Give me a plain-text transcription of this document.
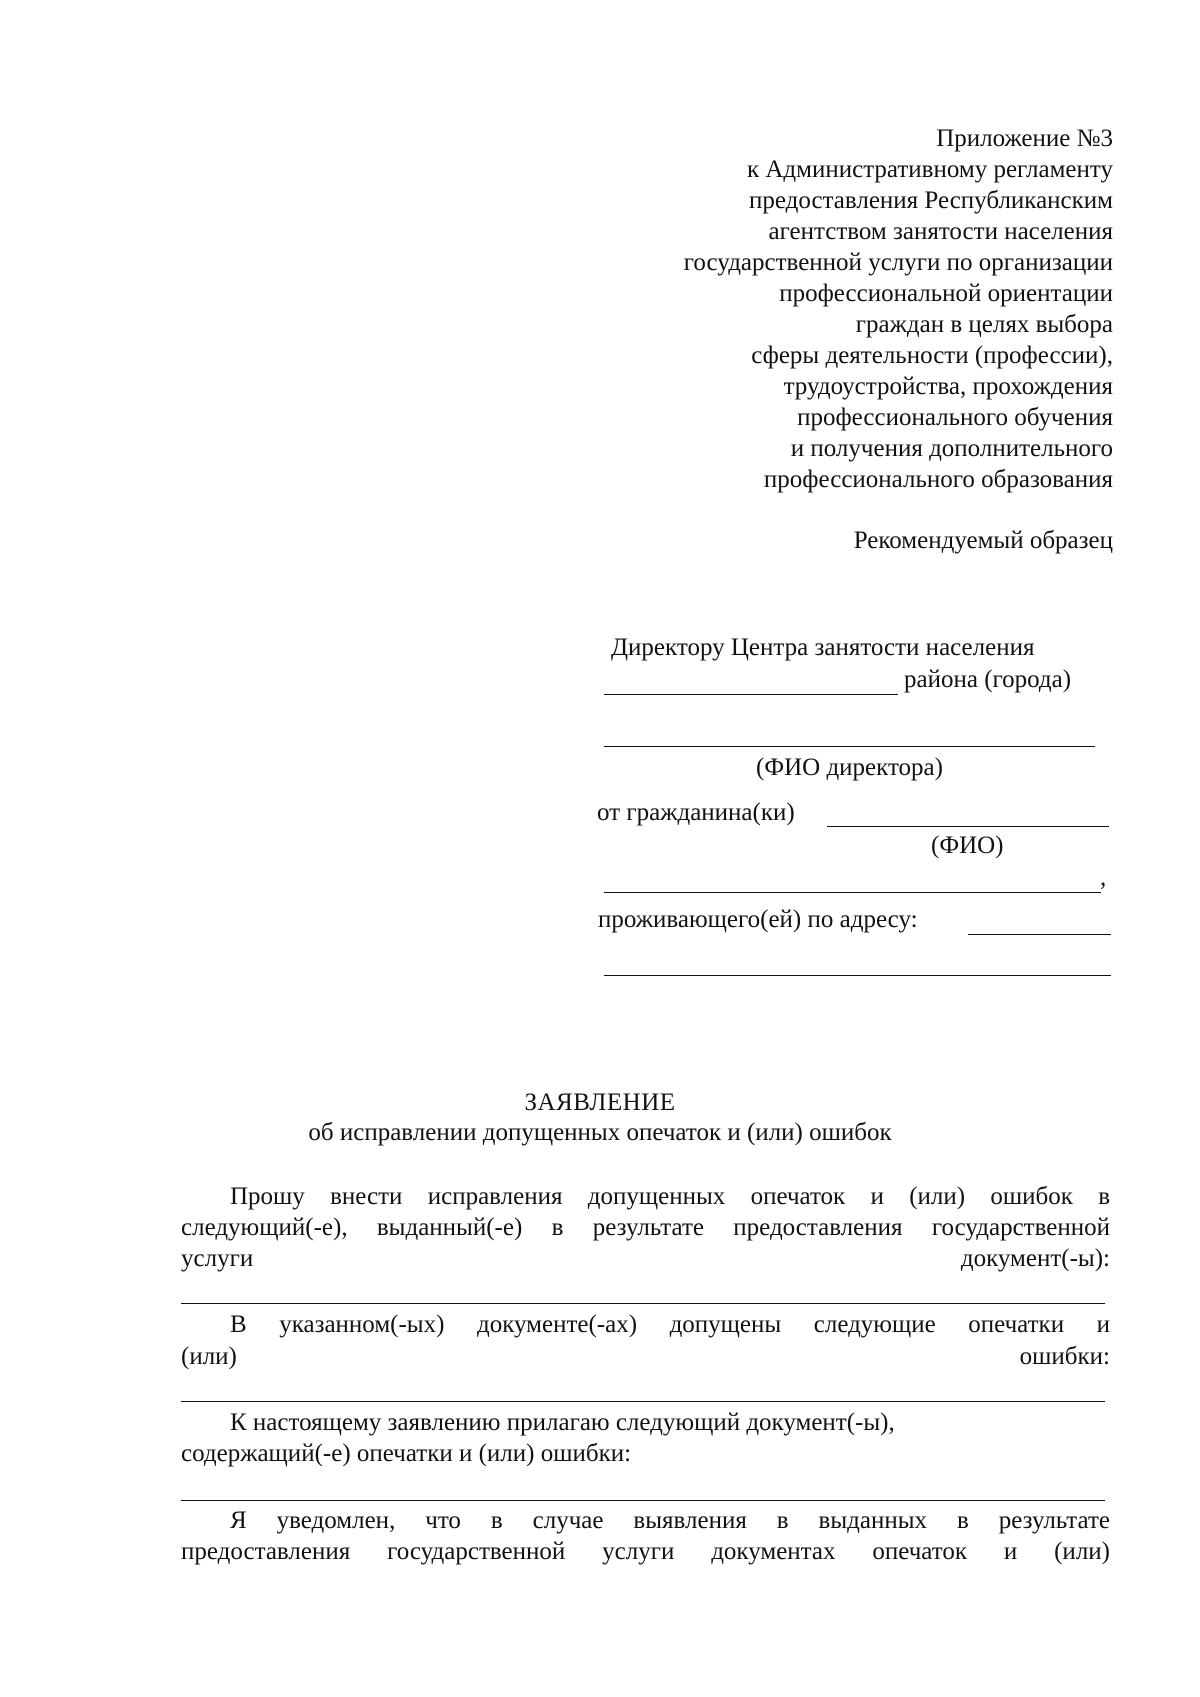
Приложение №3
к Административному регламенту
предоставления Республиканским
агентством занятости населения
государственной услуги по организации
профессиональной ориентации
граждан в целях выбора
сферы деятельности (профессии),
трудоустройства, прохождения
профессионального обучения
и получения дополнительного
профессионального образования
Рекомендуемый образец
Директору Центра занятости населения
района (города)
(ФИО директора)
от гражданина(ки)
(ФИО)
,
проживающего(ей) по адресу:
ЗАЯВЛЕНИЕ
об исправлении допущенных опечаток и (или) ошибок
Прошу внести исправления допущенных опечаток и (или) ошибок в
следующий(-е), выданный(-е) в результате предоставления государственной
услуги	документ(-ы):
В указанном(-ых) документе(-ах) допущены следующие опечатки и
(или)	ошибки:
К настоящему заявлению прилагаю следующий документ(-ы),
содержащий(-е) опечатки и (или) ошибки:
Я уведомлен, что в случае выявления в выданных в результате
предоставления государственной услуги документах опечаток и (или)
